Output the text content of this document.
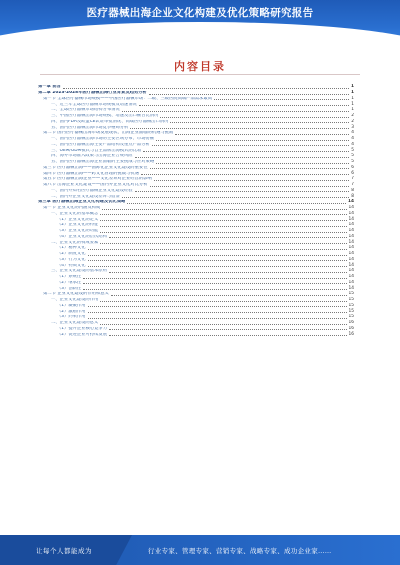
医疗器械出海企业文化构建及优化策略研究报告
内容目录
第一章 前言	1
第二章 2023-2028年医疗器械出海行业背景及趋势分析	1
第一节 全球医疗器械市场规模——中国医疗器械市场：二级、三级医院高端产品需求最高	1
一、近三年全球医疗器械市场规模及增速情况	1
二、全球医疗器械市场结构分布情况	1
三、中国医疗器械出海市场规模、增速及出口额占比情况	2
四、国内FDA及欧盟CE认证审批情况、高端医疗器械出口情况	2
五、国内医疗器械出海市场竞争格局分析	3
第二节 国内医疗器械出海市场发展现状、出海企业面临的机遇与挑战	4
一、国内医疗器械出海市场的主要区域分布、市场份额	4
二、国内医疗器械出海主要产品结构及重点产品分析	4
三、OEM/ODM模式与自主品牌出海模式的比较	5
四、海外市场准入政策与出海企业合规风险	5
五、国内医疗器械出海企业面临的主要挑战与应对策略	5
第三节 医疗器械出海——国际化企业文化建设的重要性	6
第四节 医疗器械出海——跨文化管理的挑战与机遇	6
第五节 医疗器械出海企业——文化差异对企业经营的影响	7
第六节 出海企业文化建设——国内外企业文化对比分析	7
一、国内外知名医疗器械企业文化建设经验	8
二、国内外企业文化建设差异与借鉴	8
第三章 医疗器械出海企业文化构建及优化策略	14
第一节 企业文化的内涵及构成	14
一、企业文化的基本概念	14
（1）企业文化的定义	14
（2）企业文化的特征	14
（3）企业文化的功能	14
（4）企业文化的层次结构	14
二、企业文化的构成要素	14
（1）精神文化	14
（2）制度文化	14
（3）行为文化	14
（4）物质文化	14
三、企业文化建设的基本原则	14
（1）系统性	14
（2）继承性	14
（3）创新性	14
第二节 企业文化建设的作用和意义	15
一、企业文化建设的作用	15
（1）凝聚作用	15
（2）激励作用	15
（3）约束作用	15
二、企业文化建设的意义	16
（1）提升企业核心竞争力	16
（2）促进企业可持续发展	16
让每个人都能成为	行业专家、管理专家、营销专家、战略专家、成功企业家……
